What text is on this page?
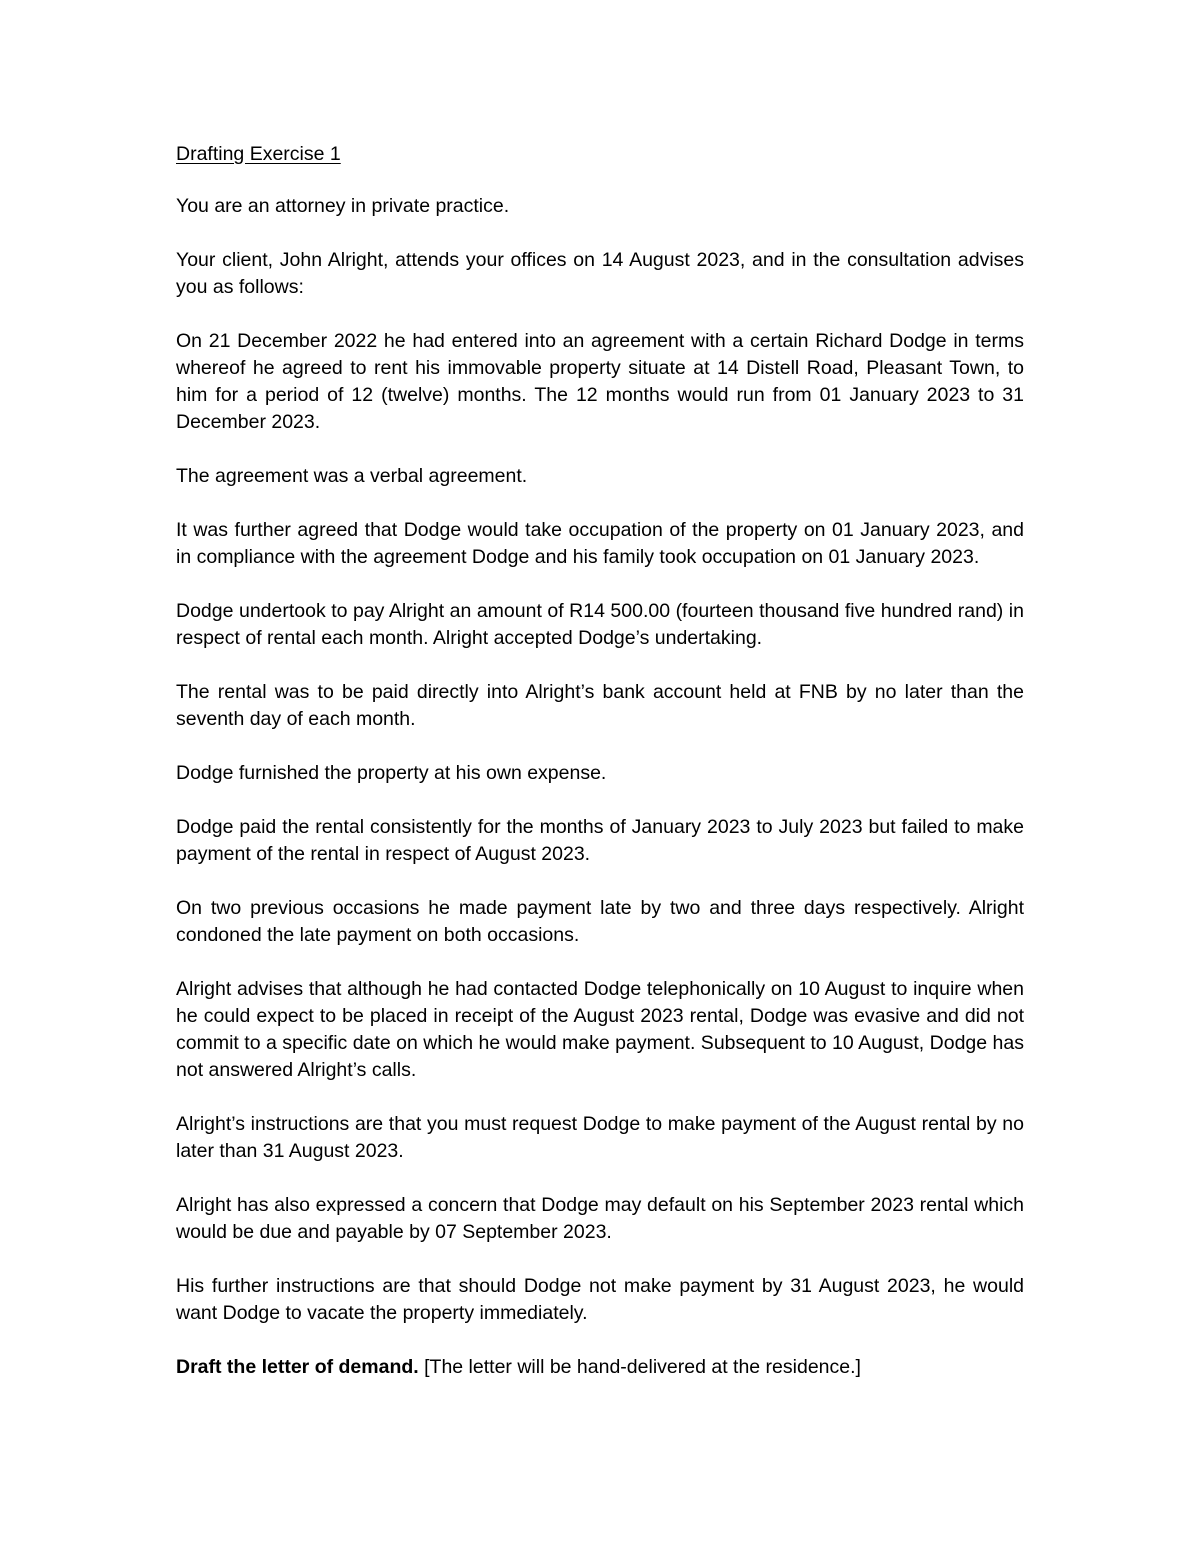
Drafting Exercise 1

You are an attorney in private practice.

Your client, John Alright, attends your offices on 14 August 2023, and in the consultation advises you as follows:

On 21 December 2022 he had entered into an agreement with a certain Richard Dodge in terms whereof he agreed to rent his immovable property situate at 14 Distell Road, Pleasant Town, to him for a period of 12 (twelve) months. The 12 months would run from 01 January 2023 to 31 December 2023.

The agreement was a verbal agreement.

It was further agreed that Dodge would take occupation of the property on 01 January 2023, and in compliance with the agreement Dodge and his family took occupation on 01 January 2023.

Dodge undertook to pay Alright an amount of R14 500.00 (fourteen thousand five hundred rand) in respect of rental each month. Alright accepted Dodge’s undertaking.

The rental was to be paid directly into Alright’s bank account held at FNB by no later than the seventh day of each month.

Dodge furnished the property at his own expense.

Dodge paid the rental consistently for the months of January 2023 to July 2023 but failed to make payment of the rental in respect of August 2023.

On two previous occasions he made payment late by two and three days respectively. Alright condoned the late payment on both occasions.

Alright advises that although he had contacted Dodge telephonically on 10 August to inquire when he could expect to be placed in receipt of the August 2023 rental, Dodge was evasive and did not commit to a specific date on which he would make payment. Subsequent to 10 August, Dodge has not answered Alright’s calls.

Alright’s instructions are that you must request Dodge to make payment of the August rental by no later than 31 August 2023.

Alright has also expressed a concern that Dodge may default on his September 2023 rental which would be due and payable by 07 September 2023.

His further instructions are that should Dodge not make payment by 31 August 2023, he would want Dodge to vacate the property immediately.

Draft the letter of demand. [The letter will be hand-delivered at the residence.]
